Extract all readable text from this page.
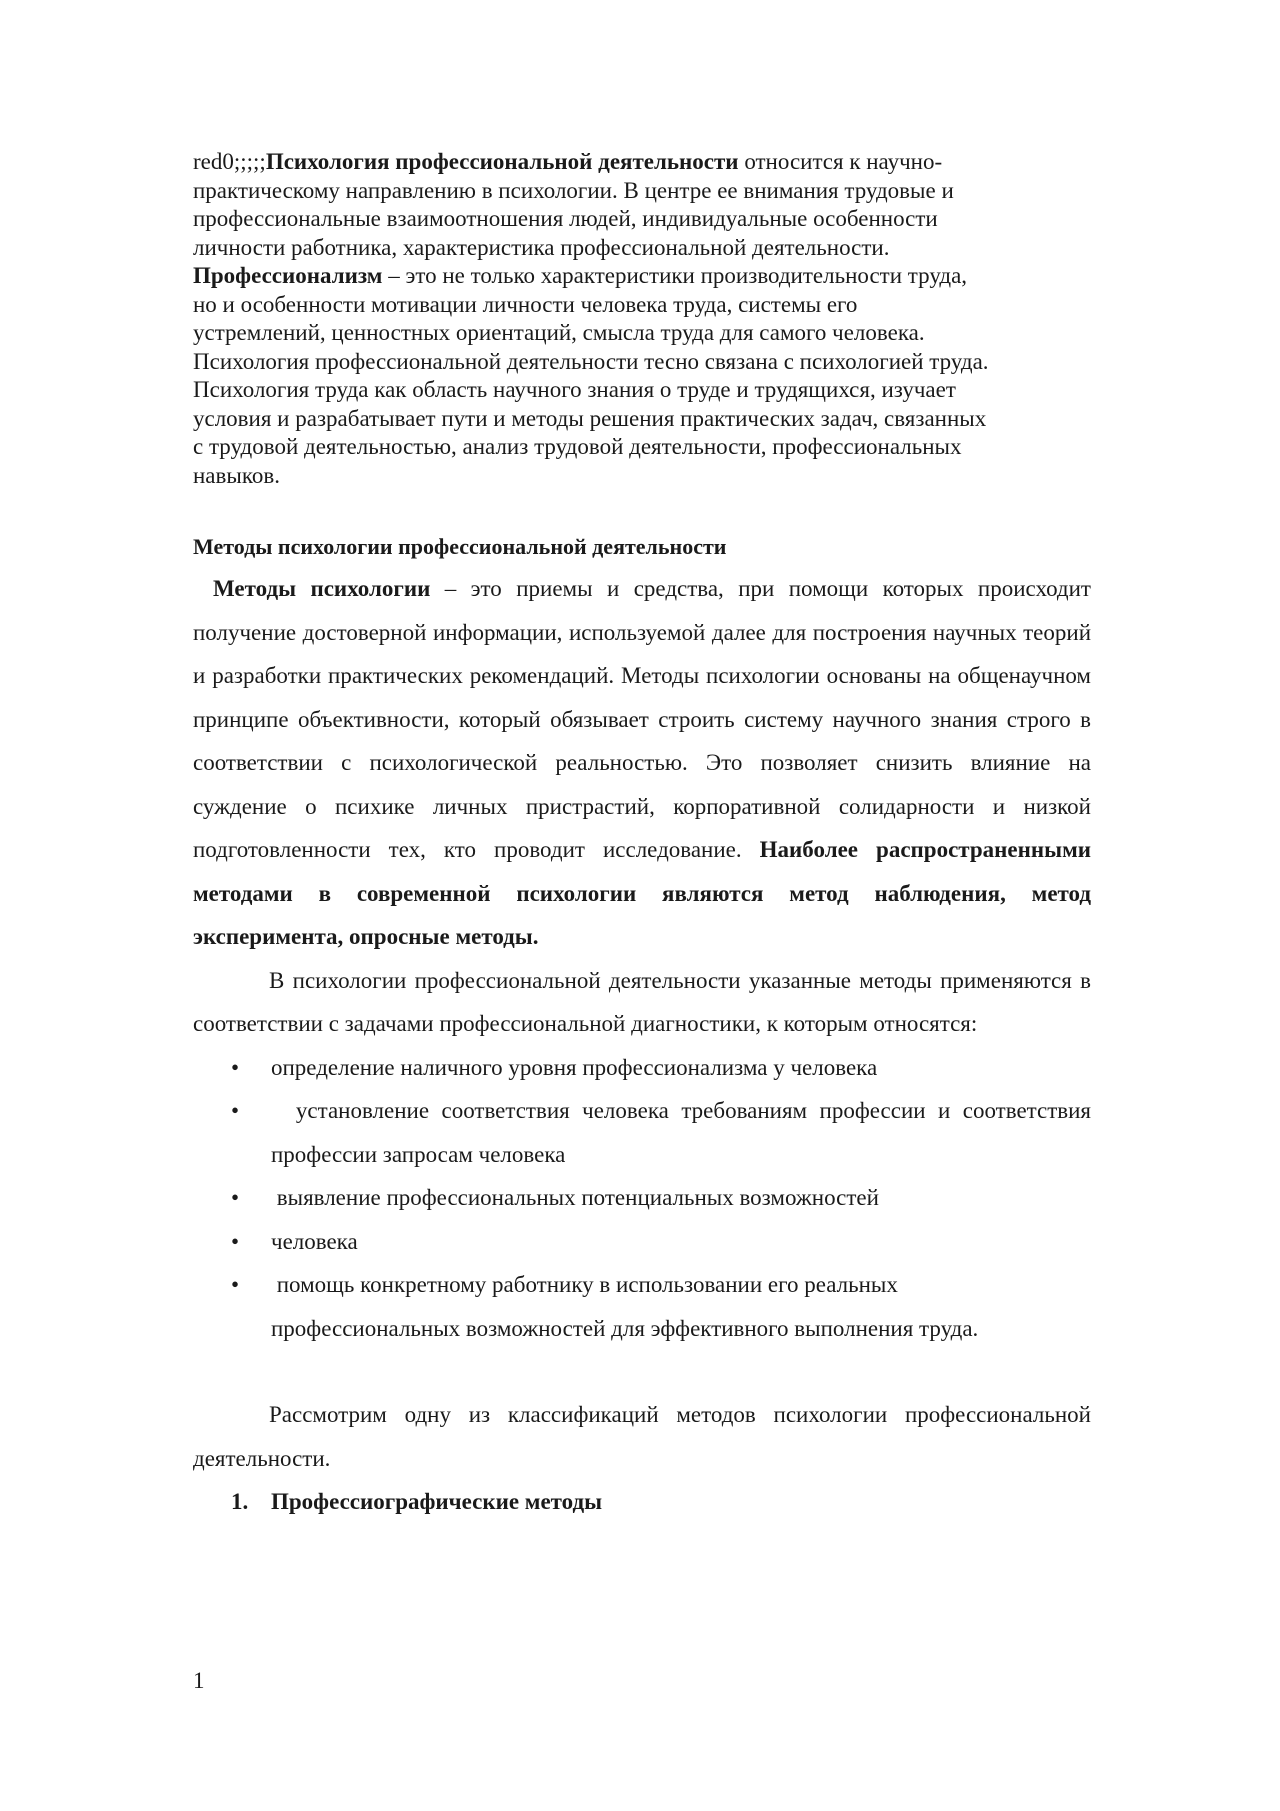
red0;;;;;Психология профессиональной деятельности относится к научно-
практическому направлению в психологии. В центре ее внимания трудовые и
профессиональные взаимоотношения людей, индивидуальные особенности
личности работника, характеристика профессиональной деятельности.
Профессионализм – это не только характеристики производительности труда,
но и особенности мотивации личности человека труда, системы его
устремлений, ценностных ориентаций, смысла труда для самого человека.
Психология профессиональной деятельности тесно связана с психологией труда.
Психология труда как область научного знания о труде и трудящихся, изучает
условия и разрабатывает пути и методы решения практических задач, связанных
с трудовой деятельностью, анализ трудовой деятельности, профессиональных
навыков.

Методы психологии профессиональной деятельности

Методы психологии – это приемы и средства, при помощи которых происходит получение достоверной информации, используемой далее для построения научных теорий и разработки практических рекомендаций. Методы психологии основаны на общенаучном принципе объективности, который обязывает строить систему научного знания строго в соответствии с психологической реальностью. Это позволяет снизить влияние на суждение о психике личных пристрастий, корпоративной солидарности и низкой подготовленности тех, кто проводит исследование. Наиболее распространенными методами в современной психологии являются метод наблюдения, метод эксперимента, опросные методы.

В психологии профессиональной деятельности указанные методы применяются в соответствии с задачами профессиональной диагностики, к которым относятся:

• определение наличного уровня профессионализма у человека
• установление соответствия человека требованиям профессии и соответствия профессии запросам человека
• выявление профессиональных потенциальных возможностей
• человека
• помощь конкретному работнику в использовании его реальных профессиональных возможностей для эффективного выполнения труда.

Рассмотрим одну из классификаций методов психологии профессиональной деятельности.

1. Профессиографические методы

1
